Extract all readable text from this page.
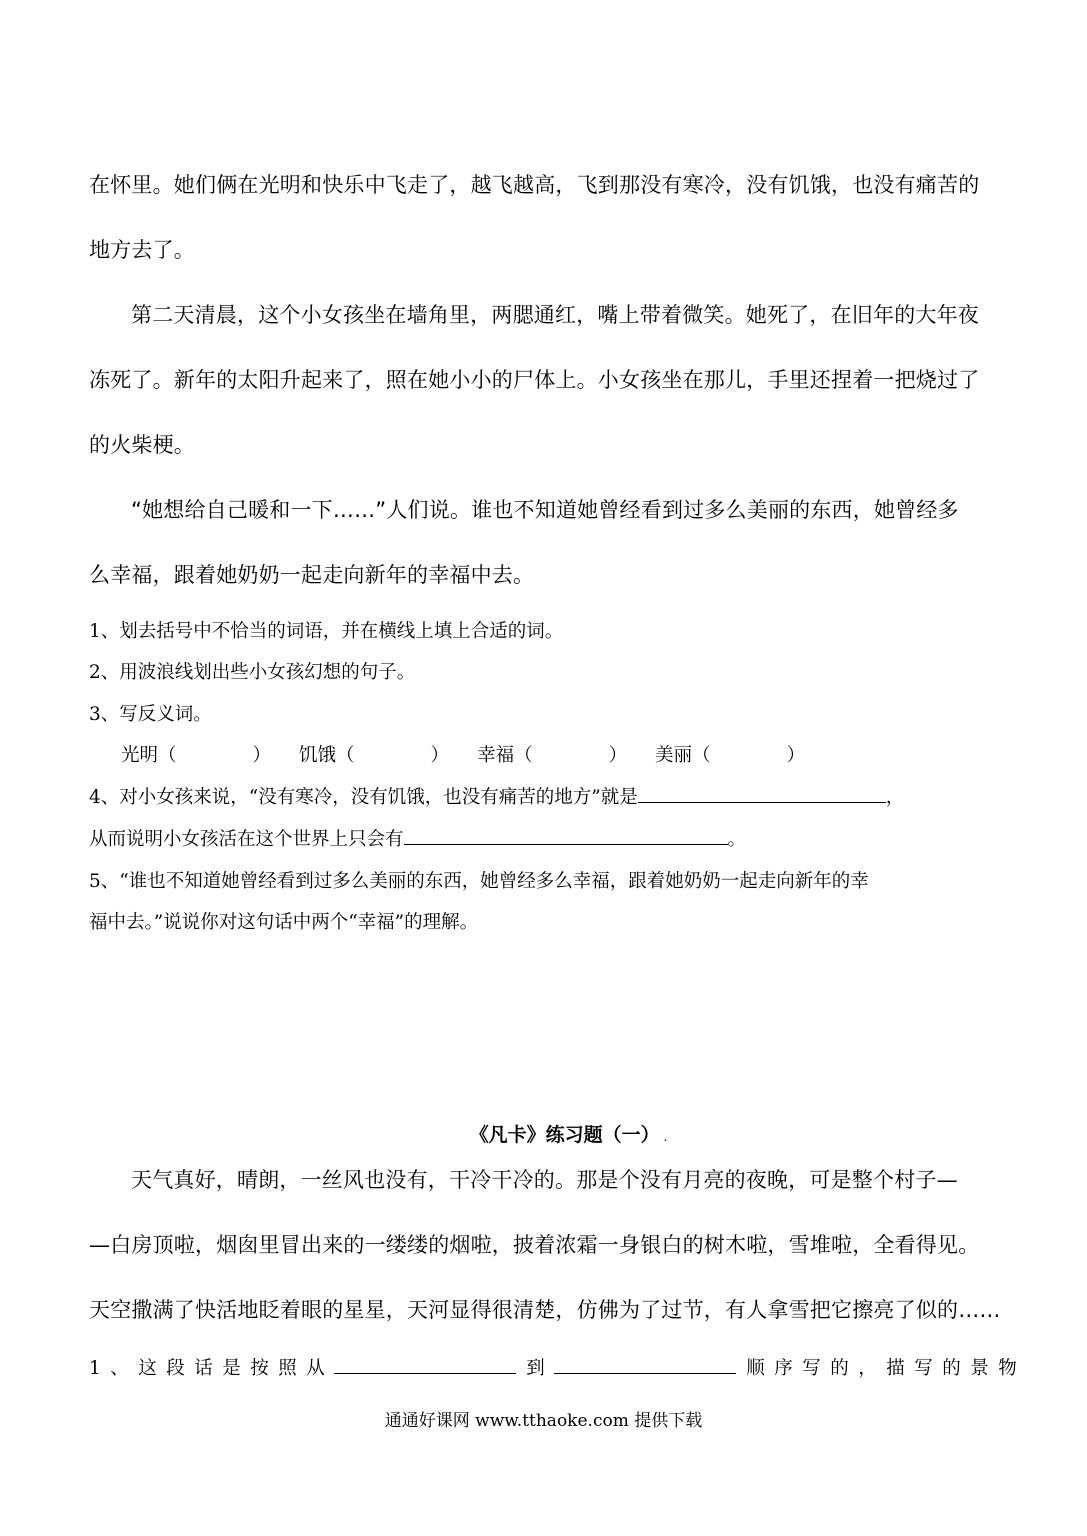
在怀里。她们俩在光明和快乐中飞走了，越飞越高，飞到那没有寒冷，没有饥饿，也没有痛苦的
地方去了。
第二天清晨，这个小女孩坐在墙角里，两腮通红，嘴上带着微笑。她死了，在旧年的大年夜
冻死了。新年的太阳升起来了，照在她小小的尸体上。小女孩坐在那儿，手里还捏着一把烧过了
的火柴梗。
“她想给自己暖和一下……”人们说。谁也不知道她曾经看到过多么美丽的东西，她曾经多
么幸福，跟着她奶奶一起走向新年的幸福中去。
1、划去括号中不恰当的词语，并在横线上填上合适的词。
2、用波浪线划出些小女孩幻想的句子。
3、写反义词。
光明（	） 饥饿（	） 幸福（	） 美丽（	）
4、对小女孩来说，“没有寒冷，没有饥饿，也没有痛苦的地方”就是	，
从而说明小女孩活在这个世界上只会有	。
5、“谁也不知道她曾经看到过多么美丽的东西，她曾经多么幸福，跟着她奶奶一起走向新年的幸
福中去。”说说你对这句话中两个“幸福”的理解。
《凡卡》练习题（一） .
天气真好，晴朗，一丝风也没有，干冷干冷的。那是个没有月亮的夜晚，可是整个村子—
—白房顶啦，烟囱里冒出来的一缕缕的烟啦，披着浓霜一身银白的树木啦，雪堆啦，全看得见。
天空撒满了快活地眨着眼的星星，天河显得很清楚，仿佛为了过节，有人拿雪把它擦亮了似的……
1、这段话是按照从	到	顺序写的，描写的景物
通通好课网 www.tthaoke.com 提供下载
